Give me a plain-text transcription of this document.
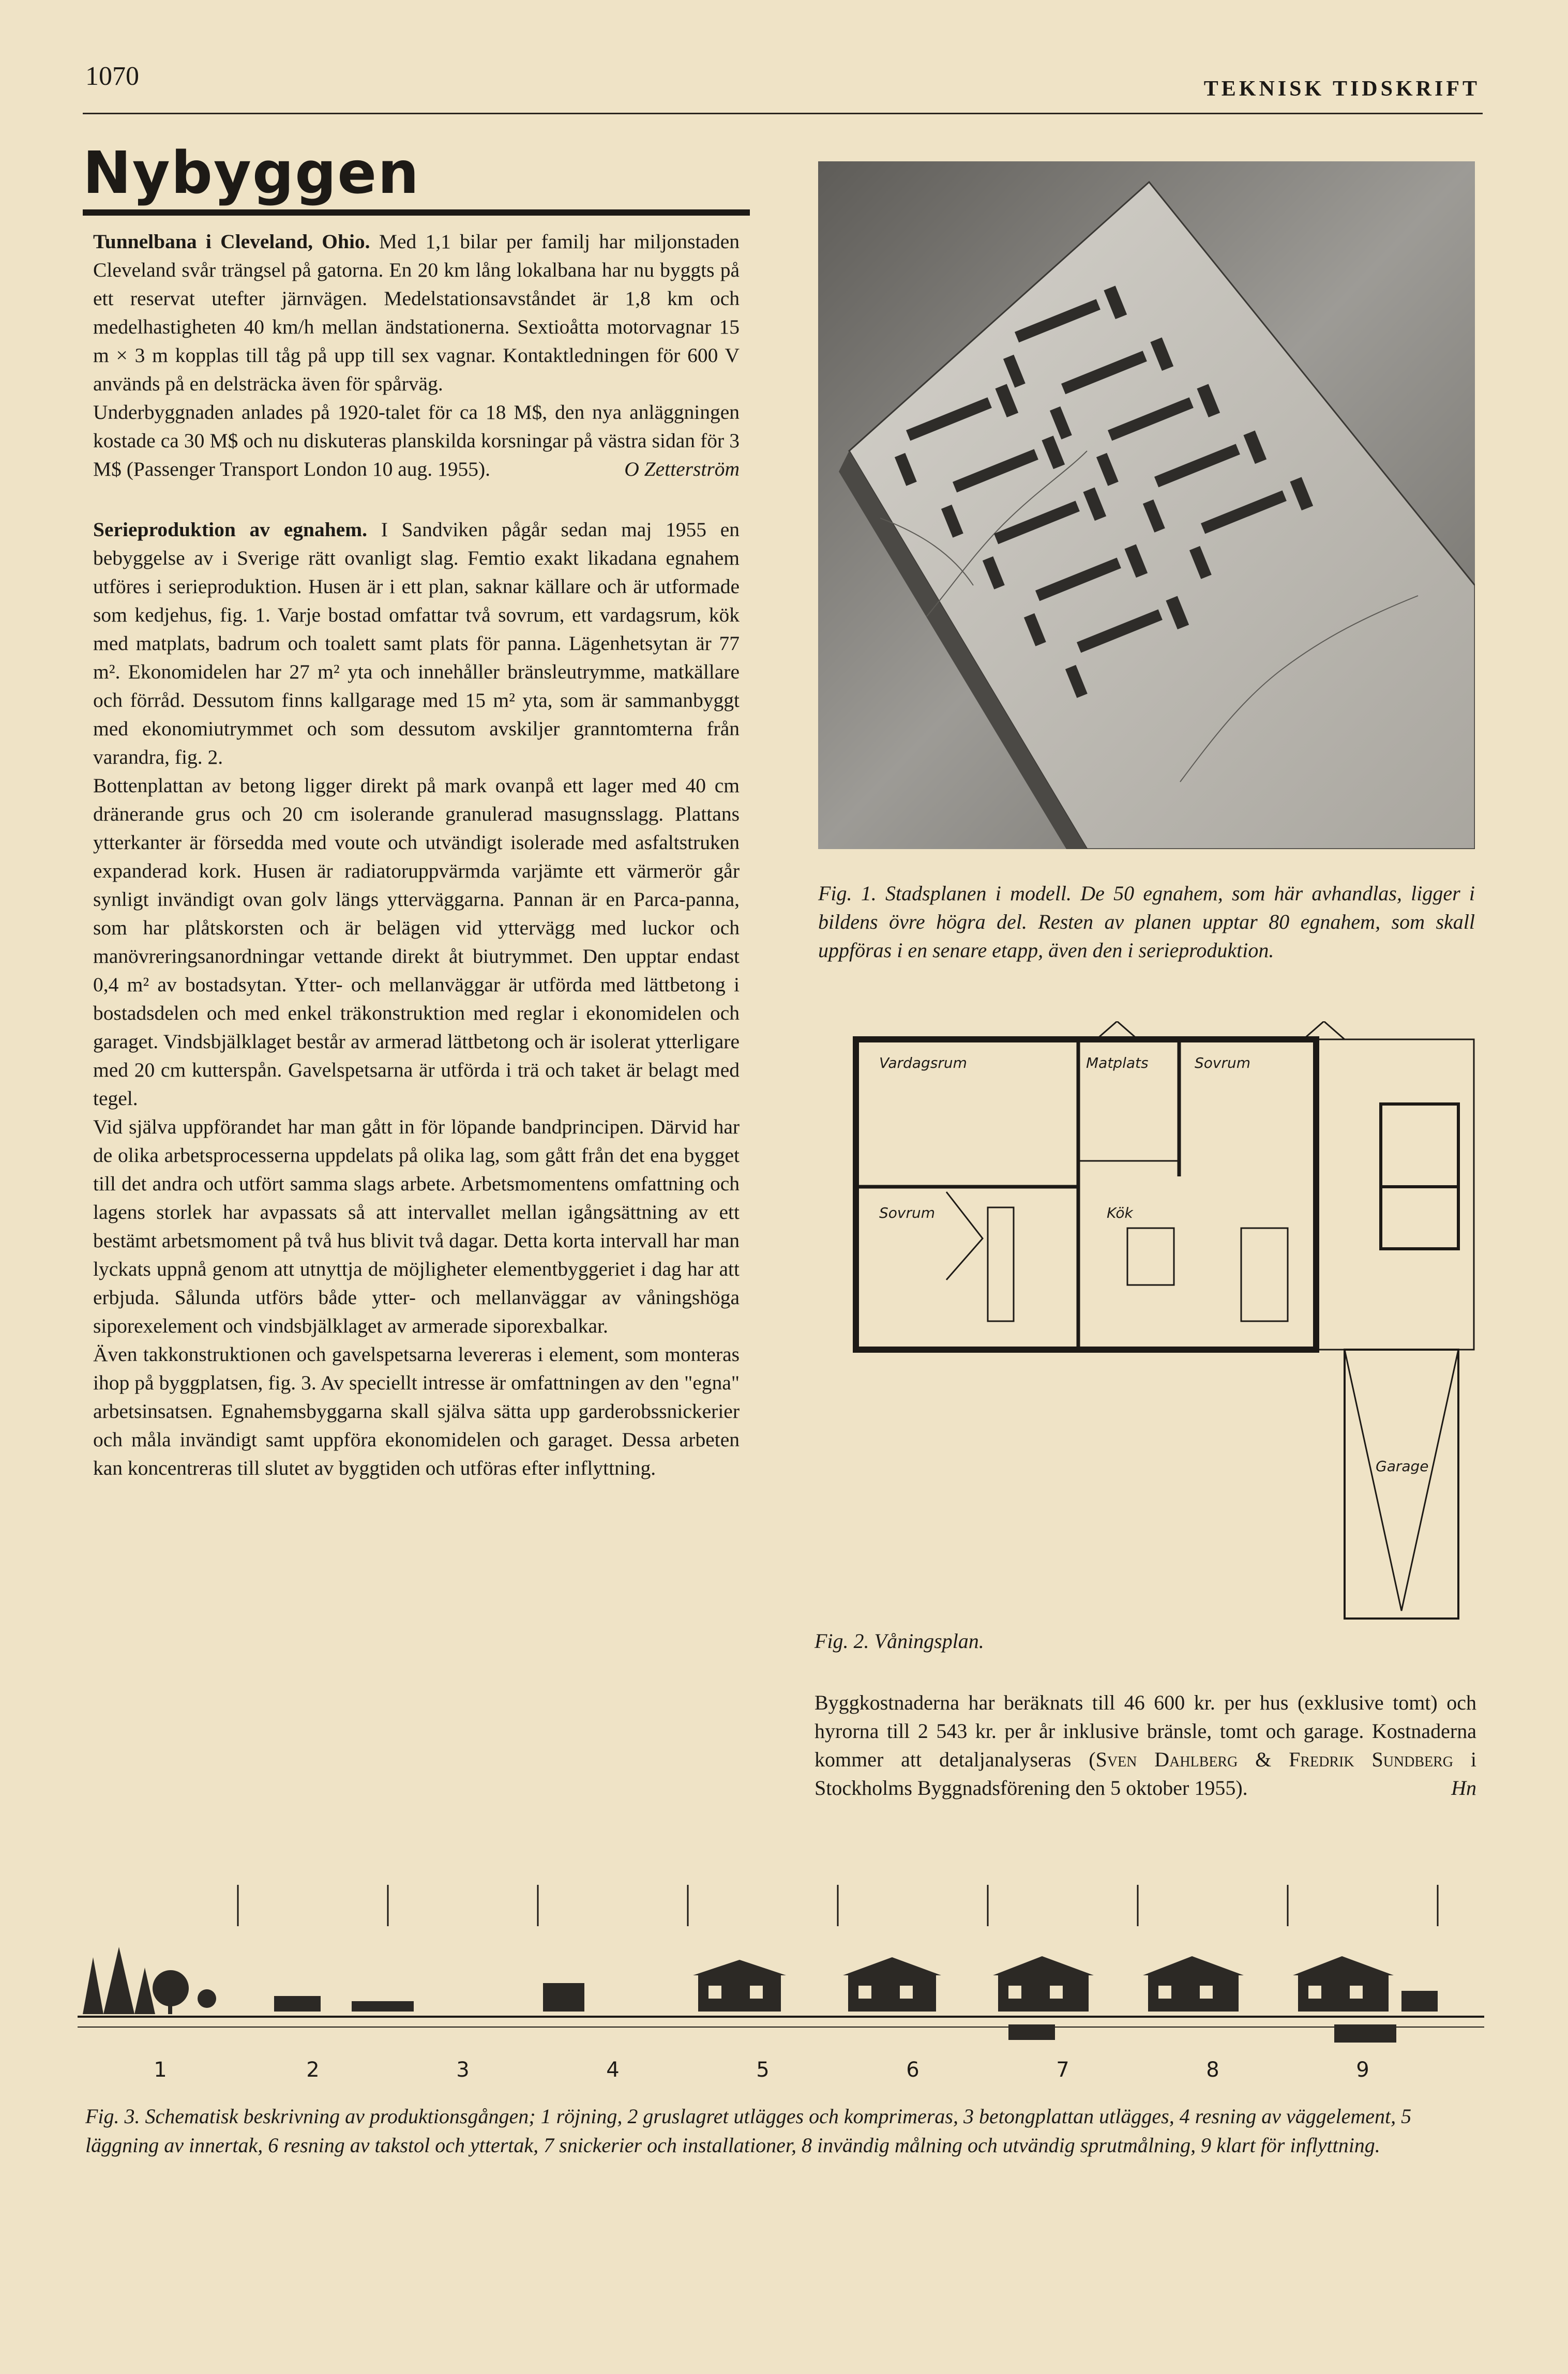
1070	TEKNISK TIDSKRIFT
Nybyggen

Tunnelbana i Cleveland, Ohio. Med 1,1 bilar per familj har miljonstaden Cleveland svår trängsel på gatorna. En 20 km lång lokalbana har nu byggts på ett reservat utefter järnvägen. Medelstationsavståndet är 1,8 km och medelhastigheten 40 km/h mellan ändstationerna. Sextioåtta motorvagnar 15 m × 3 m kopplas till tåg på upp till sex vagnar. Kontaktledningen för 600 V används på en delsträcka även för spårväg.

Underbyggnaden anlades på 1920-talet för ca 18 M$, den nya anläggningen kostade ca 30 M$ och nu diskuteras planskilda korsningar på västra sidan för 3 M$ (Passenger Transport London 10 aug. 1955).	O Zetterström

Serieproduktion av egnahem. I Sandviken pågår sedan maj 1955 en bebyggelse av i Sverige rätt ovanligt slag. Femtio exakt likadana egnahem utföres i serieproduktion. Husen är i ett plan, saknar källare och är utformade som kedjehus, fig. 1. Varje bostad omfattar två sovrum, ett vardagsrum, kök med matplats, badrum och toalett samt plats för panna. Lägenhetsytan är 77 m². Ekonomidelen har 27 m² yta och innehåller bränsleutrymme, matkällare och förråd. Dessutom finns kallgarage med 15 m² yta, som är sammanbyggt med ekonomiutrymmet och som dessutom avskiljer granntomterna från varandra, fig. 2.

Bottenplattan av betong ligger direkt på mark ovanpå ett lager med 40 cm dränerande grus och 20 cm isolerande granulerad masugnsslagg. Plattans ytterkanter är försedda med voute och utvändigt isolerade med asfaltstruken expanderad kork. Husen är radiatoruppvärmda varjämte ett värmerör går synligt invändigt ovan golv längs ytterväggarna. Pannan är en Parca-panna, som har plåtskorsten och är belägen vid yttervägg med luckor och manövreringsanordningar vettande direkt åt biutrymmet. Den upptar endast 0,4 m² av bostadsytan. Ytter- och mellanväggar är utförda med lättbetong i bostadsdelen och med enkel träkonstruktion med reglar i ekonomidelen och garaget. Vindsbjälklaget består av armerad lättbetong och är isolerat ytterligare med 20 cm kutterspån. Gavelspetsarna är utförda i trä och taket är belagt med tegel.

Vid själva uppförandet har man gått in för löpande bandprincipen. Därvid har de olika arbetsprocesserna uppdelats på olika lag, som gått från det ena bygget till det andra och utfört samma slags arbete. Arbetsmomentens omfattning och lagens storlek har avpassats så att intervallet mellan igångsättning av ett bestämt arbetsmoment på två hus blivit två dagar. Detta korta intervall har man lyckats uppnå genom att utnyttja de möjligheter elementbyggeriet i dag har att erbjuda. Sålunda utförs både ytter- och mellanväggar av våningshöga siporexelement och vindsbjälklaget av armerade siporexbalkar.

Även takkonstruktionen och gavelspetsarna levereras i element, som monteras ihop på byggplatsen, fig. 3. Av speciellt intresse är omfattningen av den "egna" arbetsinsatsen. Egnahemsbyggarna skall själva sätta upp garderobssnickerier och måla invändigt samt uppföra ekonomidelen och garaget. Dessa arbeten kan koncentreras till slutet av byggtiden och utföras efter inflyttning.

Fig. 1. Stadsplanen i modell. De 50 egnahem, som här avhandlas, ligger i bildens övre högra del. Resten av planen upptar 80 egnahem, som skall uppföras i en senare etapp, även den i serieproduktion.

Vardagsrum	Matplats	Sovrum
Sovrum	Kök
Garage

Fig. 2. Våningsplan.

Byggkostnaderna har beräknats till 46 600 kr. per hus (exklusive tomt) och hyrorna till 2 543 kr. per år inklusive bränsle, tomt och garage. Kostnaderna kommer att detaljanalyseras (Sven Dahlberg & Fredrik Sundberg i Stockholms Byggnadsförening den 5 oktober 1955).	Hn

1	2	3	4	5	6	7	8	9

Fig. 3. Schematisk beskrivning av produktionsgången; 1 röjning, 2 gruslagret utlägges och komprimeras, 3 betongplattan utlägges, 4 resning av väggelement, 5 läggning av innertak, 6 resning av takstol och yttertak, 7 snickerier och installationer, 8 invändig målning och utvändig sprutmålning, 9 klart för inflyttning.
